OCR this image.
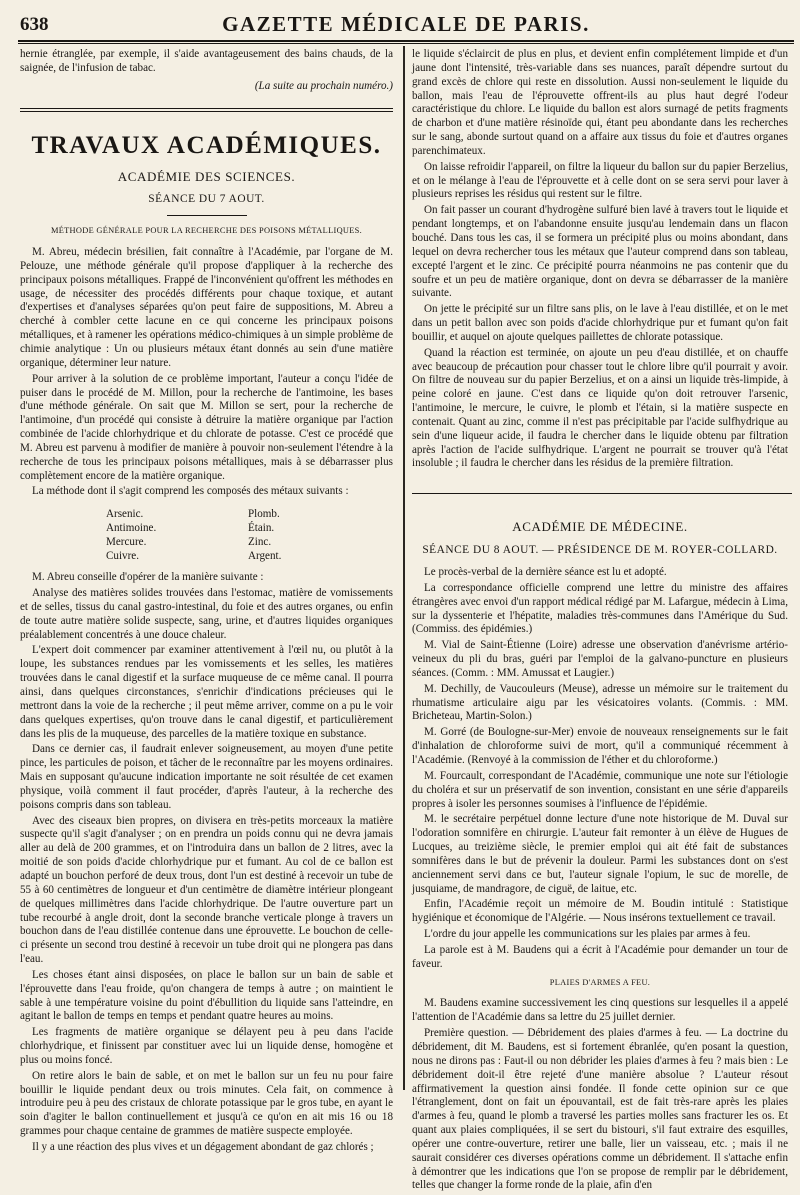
638	GAZETTE MÉDICALE DE PARIS.

hernie étranglée, par exemple, il s'aide avantageusement des bains chauds, de la saignée, de l'infusion de tabac.

(La suite au prochain numéro.)
TRAVAUX ACADÉMIQUES.
ACADÉMIE DES SCIENCES.
SÉANCE DU 7 AOUT.
MÉTHODE GÉNÉRALE POUR LA RECHERCHE DES POISONS MÉTALLIQUES.

M. Abreu, médecin brésilien, fait connaître à l'Académie, par l'organe de M. Pelouze, une méthode générale qu'il propose d'appliquer à la recherche des principaux poisons métalliques. Frappé de l'inconvénient qu'offrent les méthodes en usage, de nécessiter des procédés différents pour chaque toxique, et autant d'expertises et d'analyses séparées qu'on peut faire de suppositions, M. Abreu a cherché à combler cette lacune en ce qui concerne les principaux poisons métalliques, et à ramener les opérations médico-chimiques à un simple problème de chimie analytique : Un ou plusieurs métaux étant donnés au sein d'une matière organique, déterminer leur nature.

Pour arriver à la solution de ce problème important, l'auteur a conçu l'idée de puiser dans le procédé de M. Millon, pour la recherche de l'antimoine, les bases d'une méthode générale. On sait que M. Millon se sert, pour la recherche de l'antimoine, d'un procédé qui consiste à détruire la matière organique par l'action combinée de l'acide chlorhydrique et du chlorate de potasse. C'est ce procédé que M. Abreu est parvenu à modifier de manière à pouvoir non-seulement l'étendre à la recherche de tous les principaux poisons métalliques, mais à se débarrasser plus complètement encore de la matière organique.

La méthode dont il s'agit comprend les composés des métaux suivants :

Arsenic.	Plomb.
Antimoine.	Étain.
Mercure.	Zinc.
Cuivre.	Argent.

M. Abreu conseille d'opérer de la manière suivante :

Analyse des matières solides trouvées dans l'estomac, matière de vomissements et de selles, tissus du canal gastro-intestinal, du foie et des autres organes, ou enfin de toute autre matière solide suspecte, sang, urine, et d'autres liquides organiques préalablement concentrés à une douce chaleur.

L'expert doit commencer par examiner attentivement à l'œil nu, ou plutôt à la loupe, les substances rendues par les vomissements et les selles, les matières trouvées dans le canal digestif et la surface muqueuse de ce même canal. Il pourra ainsi, dans quelques circonstances, s'enrichir d'indications précieuses qui le mettront dans la voie de la recherche ; il peut même arriver, comme on a pu le voir dans quelques expertises, qu'on trouve dans le canal digestif, et particulièrement dans les plis de la muqueuse, des parcelles de la matière toxique en substance.

Dans ce dernier cas, il faudrait enlever soigneusement, au moyen d'une petite pince, les particules de poison, et tâcher de le reconnaître par les moyens ordinaires. Mais en supposant qu'aucune indication importante ne soit résultée de cet examen physique, voilà comment il faut procéder, d'après l'auteur, à la recherche des poisons compris dans son tableau.

Avec des ciseaux bien propres, on divisera en très-petits morceaux la matière suspecte qu'il s'agit d'analyser ; on en prendra un poids connu qui ne devra jamais aller au delà de 200 grammes, et on l'introduira dans un ballon de 2 litres, avec la moitié de son poids d'acide chlorhydrique pur et fumant. Au col de ce ballon est adapté un bouchon perforé de deux trous, dont l'un est destiné à recevoir un tube de 55 à 60 centimètres de longueur et d'un centimètre de diamètre intérieur plongeant de quelques millimètres dans l'acide chlorhydrique. De l'autre ouverture part un tube recourbé à angle droit, dont la seconde branche verticale plonge à travers un bouchon dans de l'eau distillée contenue dans une éprouvette. Le bouchon de celle-ci présente un second trou destiné à recevoir un tube droit qui ne plongera pas dans l'eau.

Les choses étant ainsi disposées, on place le ballon sur un bain de sable et l'éprouvette dans l'eau froide, qu'on changera de temps à autre ; on maintient le sable à une température voisine du point d'ébullition du liquide sans l'atteindre, en agitant le ballon de temps en temps et pendant quatre heures au moins.

Les fragments de matière organique se délayent peu à peu dans l'acide chlorhydrique, et finissent par constituer avec lui un liquide dense, homogène et plus ou moins foncé.

On retire alors le bain de sable, et on met le ballon sur un feu nu pour faire bouillir le liquide pendant deux ou trois minutes. Cela fait, on commence à introduire peu à peu des cristaux de chlorate potassique par le gros tube, en ayant le soin d'agiter le ballon continuellement et jusqu'à ce qu'on en ait mis 16 ou 18 grammes pour chaque centaine de grammes de matière suspecte employée.

Il y a une réaction des plus vives et un dégagement abondant de gaz chlorés ;

le liquide s'éclaircit de plus en plus, et devient enfin complétement limpide et d'un jaune dont l'intensité, très-variable dans ses nuances, paraît dépendre surtout du grand excès de chlore qui reste en dissolution. Aussi non-seulement le liquide du ballon, mais l'eau de l'éprouvette offrent-ils au plus haut degré l'odeur caractéristique du chlore. Le liquide du ballon est alors surnagé de petits fragments de charbon et d'une matière résinoïde qui, étant peu abondante dans les recherches sur le sang, abonde surtout quand on a affaire aux tissus du foie et d'autres organes parenchimateux.

On laisse refroidir l'appareil, on filtre la liqueur du ballon sur du papier Berzelius, et on le mélange à l'eau de l'éprouvette et à celle dont on se sera servi pour laver à plusieurs reprises les résidus qui restent sur le filtre.

On fait passer un courant d'hydrogène sulfuré bien lavé à travers tout le liquide et pendant longtemps, et on l'abandonne ensuite jusqu'au lendemain dans un flacon bouché. Dans tous les cas, il se formera un précipité plus ou moins abondant, dans lequel on devra rechercher tous les métaux que l'auteur comprend dans son tableau, excepté l'argent et le zinc. Ce précipité pourra néanmoins ne pas contenir que du soufre et un peu de matière organique, dont on devra se débarrasser de la manière suivante.

On jette le précipité sur un filtre sans plis, on le lave à l'eau distillée, et on le met dans un petit ballon avec son poids d'acide chlorhydrique pur et fumant qu'on fait bouillir, et auquel on ajoute quelques paillettes de chlorate potassique.

Quand la réaction est terminée, on ajoute un peu d'eau distillée, et on chauffe avec beaucoup de précaution pour chasser tout le chlore libre qu'il pourrait y avoir. On filtre de nouveau sur du papier Berzelius, et on a ainsi un liquide très-limpide, à peine coloré en jaune. C'est dans ce liquide qu'on doit retrouver l'arsenic, l'antimoine, le mercure, le cuivre, le plomb et l'étain, si la matière suspecte en contenait. Quant au zinc, comme il n'est pas précipitable par l'acide sulfhydrique au sein d'une liqueur acide, il faudra le chercher dans le liquide obtenu par filtration après l'action de l'acide sulfhydrique. L'argent ne pourrait se trouver qu'à l'état insoluble ; il faudra le chercher dans les résidus de la première filtration.

ACADÉMIE DE MÉDECINE.
SÉANCE DU 8 AOUT. — PRÉSIDENCE DE M. ROYER-COLLARD.

Le procès-verbal de la dernière séance est lu et adopté.

La correspondance officielle comprend une lettre du ministre des affaires étrangères avec envoi d'un rapport médical rédigé par M. Lafargue, médecin à Lima, sur la dyssenterie et l'hépatite, maladies très-communes dans l'Amérique du Sud. (Commiss. des épidémies.)

M. Vial de Saint-Étienne (Loire) adresse une observation d'anévrisme artério-veineux du pli du bras, guéri par l'emploi de la galvano-puncture en plusieurs séances. (Comm. : MM. Amussat et Laugier.)

M. Dechilly, de Vaucouleurs (Meuse), adresse un mémoire sur le traitement du rhumatisme articulaire aigu par les vésicatoires volants. (Commis. : MM. Bricheteau, Martin-Solon.)

M. Gorré (de Boulogne-sur-Mer) envoie de nouveaux renseignements sur le fait d'inhalation de chloroforme suivi de mort, qu'il a communiqué récemment à l'Académie. (Renvoyé à la commission de l'éther et du chloroforme.)

M. Fourcault, correspondant de l'Académie, communique une note sur l'étiologie du choléra et sur un préservatif de son invention, consistant en une série d'appareils propres à isoler les personnes soumises à l'influence de l'épidémie.

M. le secrétaire perpétuel donne lecture d'une note historique de M. Duval sur l'odoration somnifère en chirurgie. L'auteur fait remonter à un élève de Hugues de Lucques, au treizième siècle, le premier emploi qui ait été fait de substances somnifères dans le but de prévenir la douleur. Parmi les substances dont on s'est anciennement servi dans ce but, l'auteur signale l'opium, le suc de morelle, de jusquiame, de mandragore, de ciguë, de laitue, etc.

Enfin, l'Académie reçoit un mémoire de M. Boudin intitulé : Statistique hygiénique et économique de l'Algérie. — Nous insérons textuellement ce travail.

L'ordre du jour appelle les communications sur les plaies par armes à feu.

La parole est à M. Baudens qui a écrit à l'Académie pour demander un tour de faveur.

PLAIES D'ARMES A FEU.

M. Baudens examine successivement les cinq questions sur lesquelles il a appelé l'attention de l'Académie dans sa lettre du 25 juillet dernier.

Première question. — Débridement des plaies d'armes à feu. — La doctrine du débridement, dit M. Baudens, est si fortement ébranlée, qu'en posant la question, nous ne dirons pas : Faut-il ou non débrider les plaies d'armes à feu ? mais bien : Le débridement doit-il être rejeté d'une manière absolue ? L'auteur résout affirmativement la question ainsi fondée. Il fonde cette opinion sur ce que l'étranglement, dont on fait un épouvantail, est de fait très-rare après les plaies d'armes à feu, quand le plomb a traversé les parties molles sans fracturer les os. Et quant aux plaies compliquées, il se sert du bistouri, s'il faut extraire des esquilles, opérer une contre-ouverture, retirer une balle, lier un vaisseau, etc. ; mais il ne saurait considérer ces diverses opérations comme un débridement. Il s'attache enfin à démontrer que les indications que l'on se propose de remplir par le débridement, telles que changer la forme ronde de la plaie, afin d'en
